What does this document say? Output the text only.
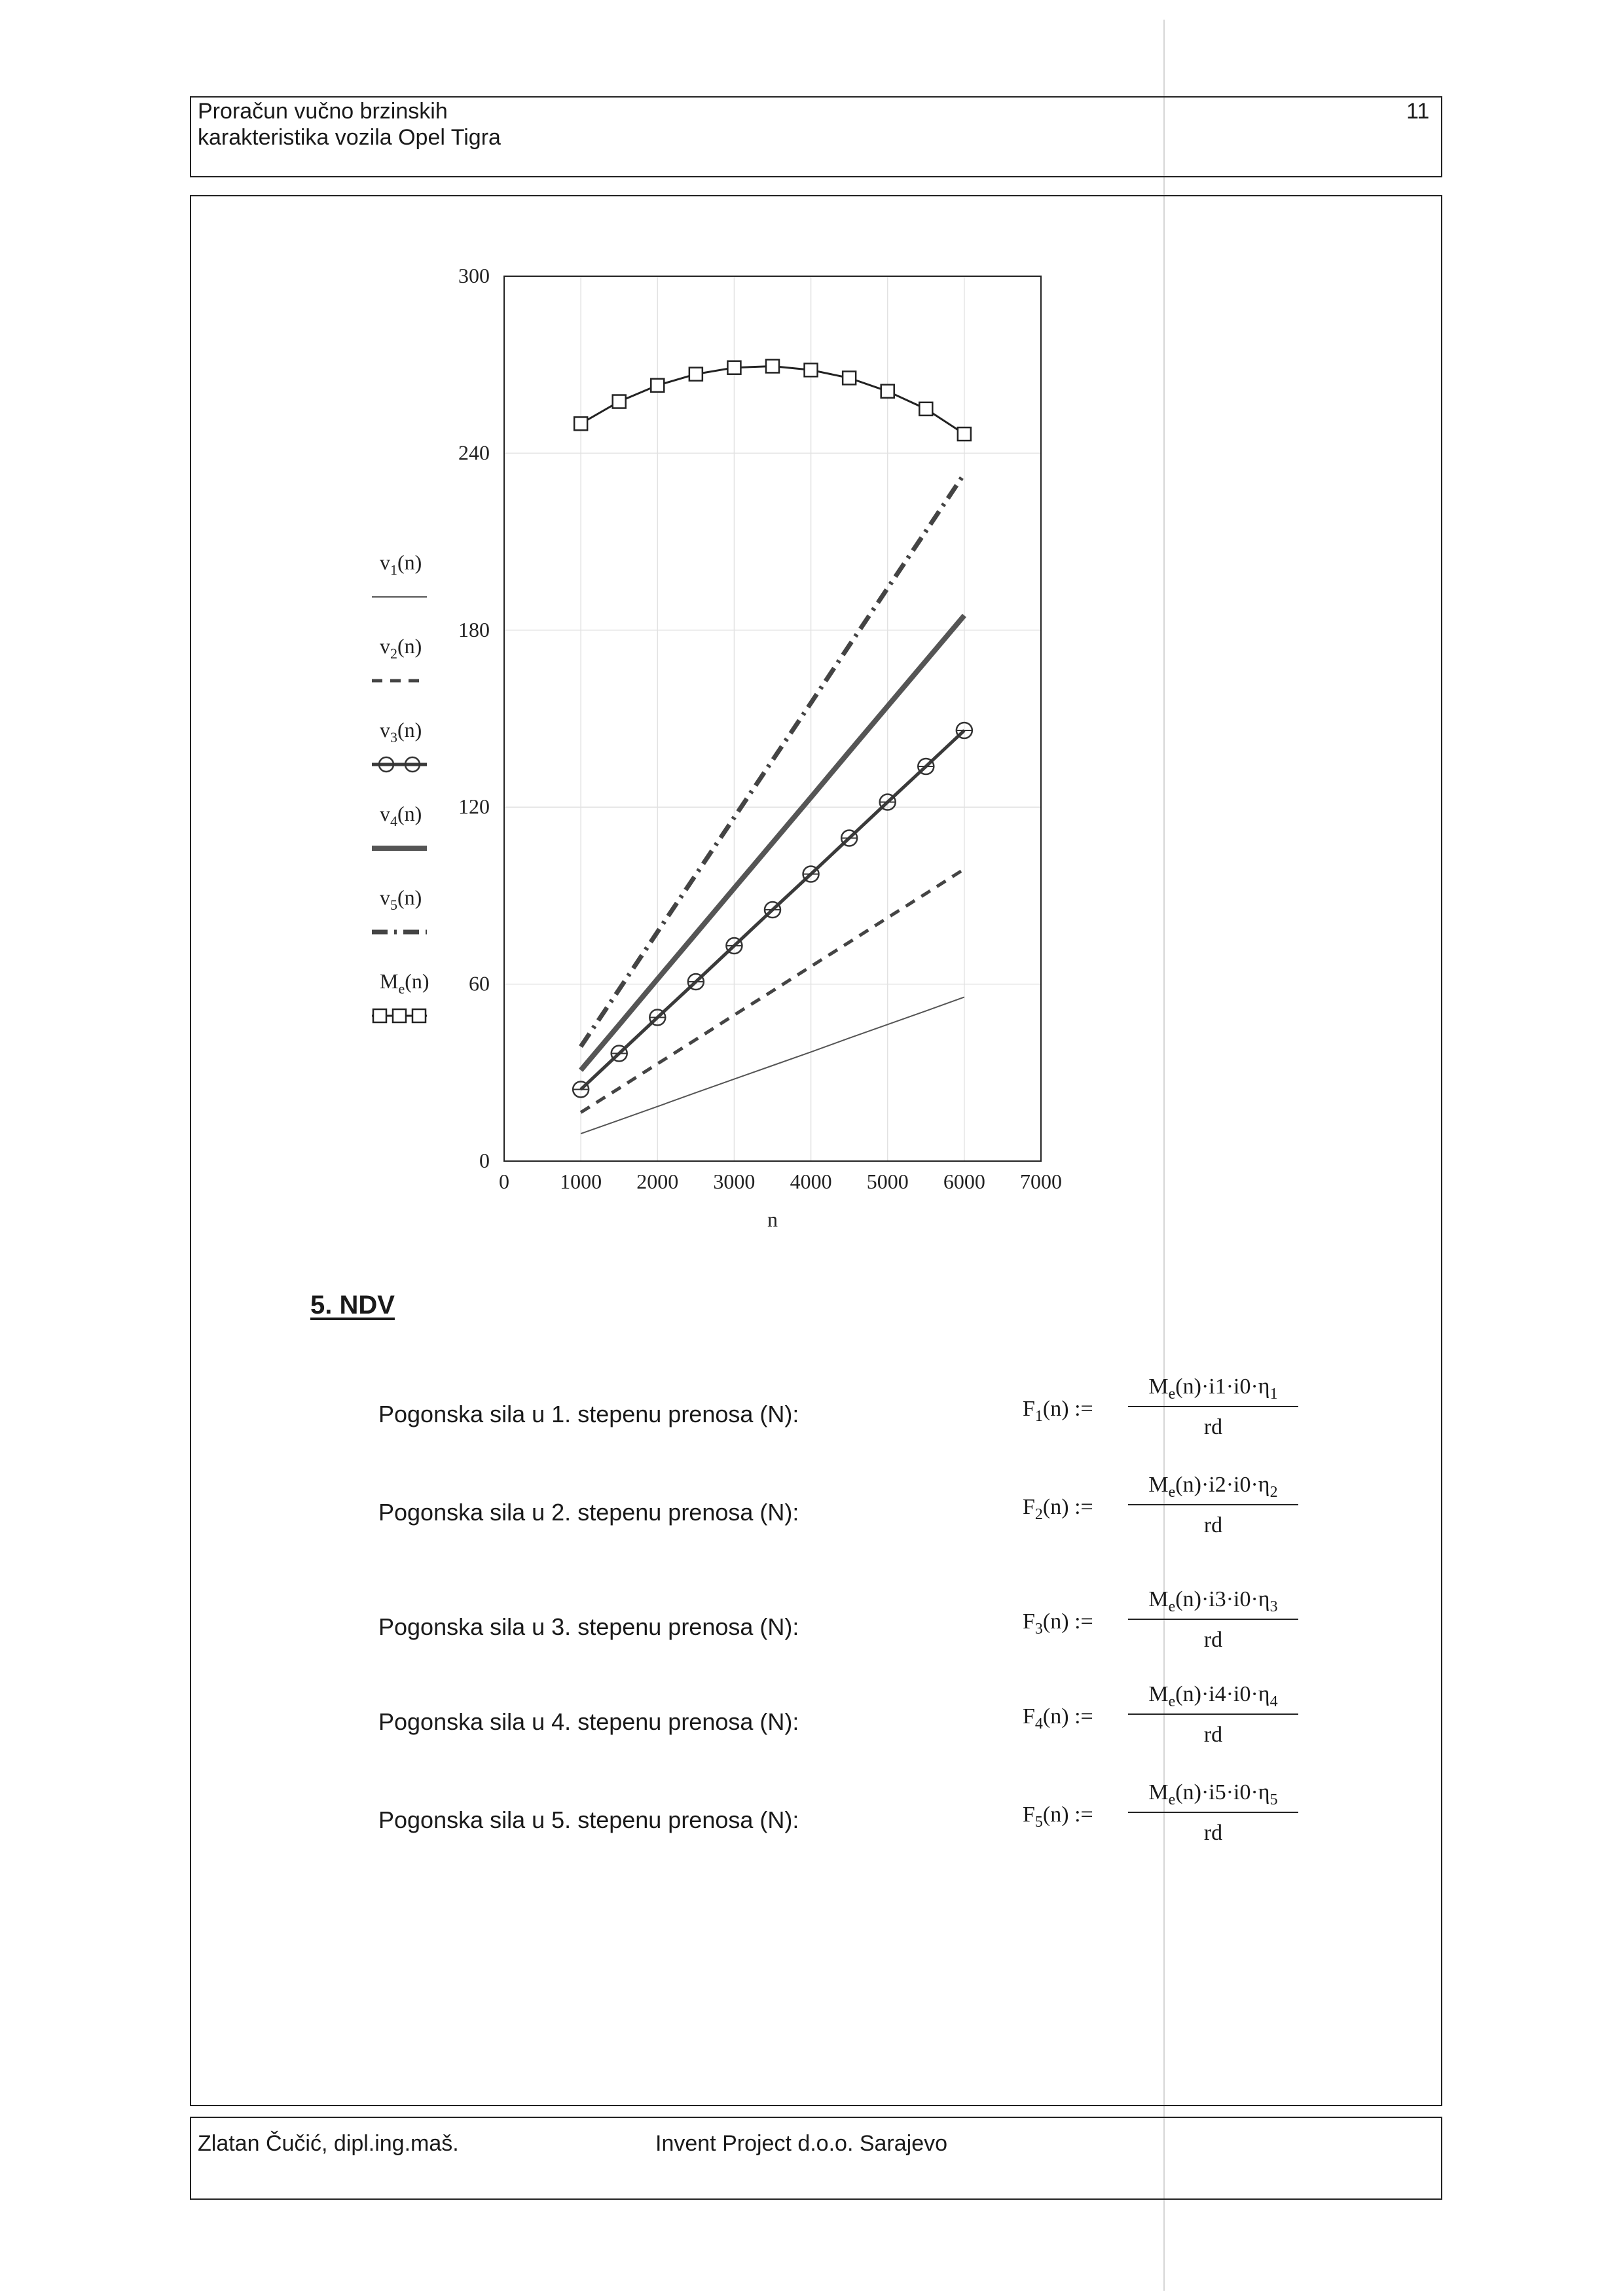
Proračun vučno brzinskih
karakteristika vozila Opel Tigra
11
0
60
120
180
240
300
0 1000 2000 3000 4000 5000 6000 7000
n
$v_1(n)$
$v_2(n)$
$v_3(n)$
$v_4(n)$
$v_5(n)$
$M_e(n)$
5. NDV
Pogonska sila u 1. stepenu prenosa (N):	$F_1(n)$ :=
$M_e(n)\cdot i1\cdot i0\cdot\eta_1$
rd
Pogonska sila u 2. stepenu prenosa (N):	$F_2(n)$ :=
$M_e(n)\cdot i2\cdot i0\cdot\eta_2$
rd
Pogonska sila u 3. stepenu prenosa (N):	$F_3(n)$ :=
$M_e(n)\cdot i3\cdot i0\cdot\eta_3$
rd
Pogonska sila u 4. stepenu prenosa (N):	$F_4(n)$ :=
$M_e(n)\cdot i4\cdot i0\cdot\eta_4$
rd
Pogonska sila u 5. stepenu prenosa (N):	$F_5(n)$ :=
$M_e(n)\cdot i5\cdot i0\cdot\eta_5$
rd
Zlatan Čučić, dipl.ing.maš.	Invent Project d.o.o. Sarajevo
